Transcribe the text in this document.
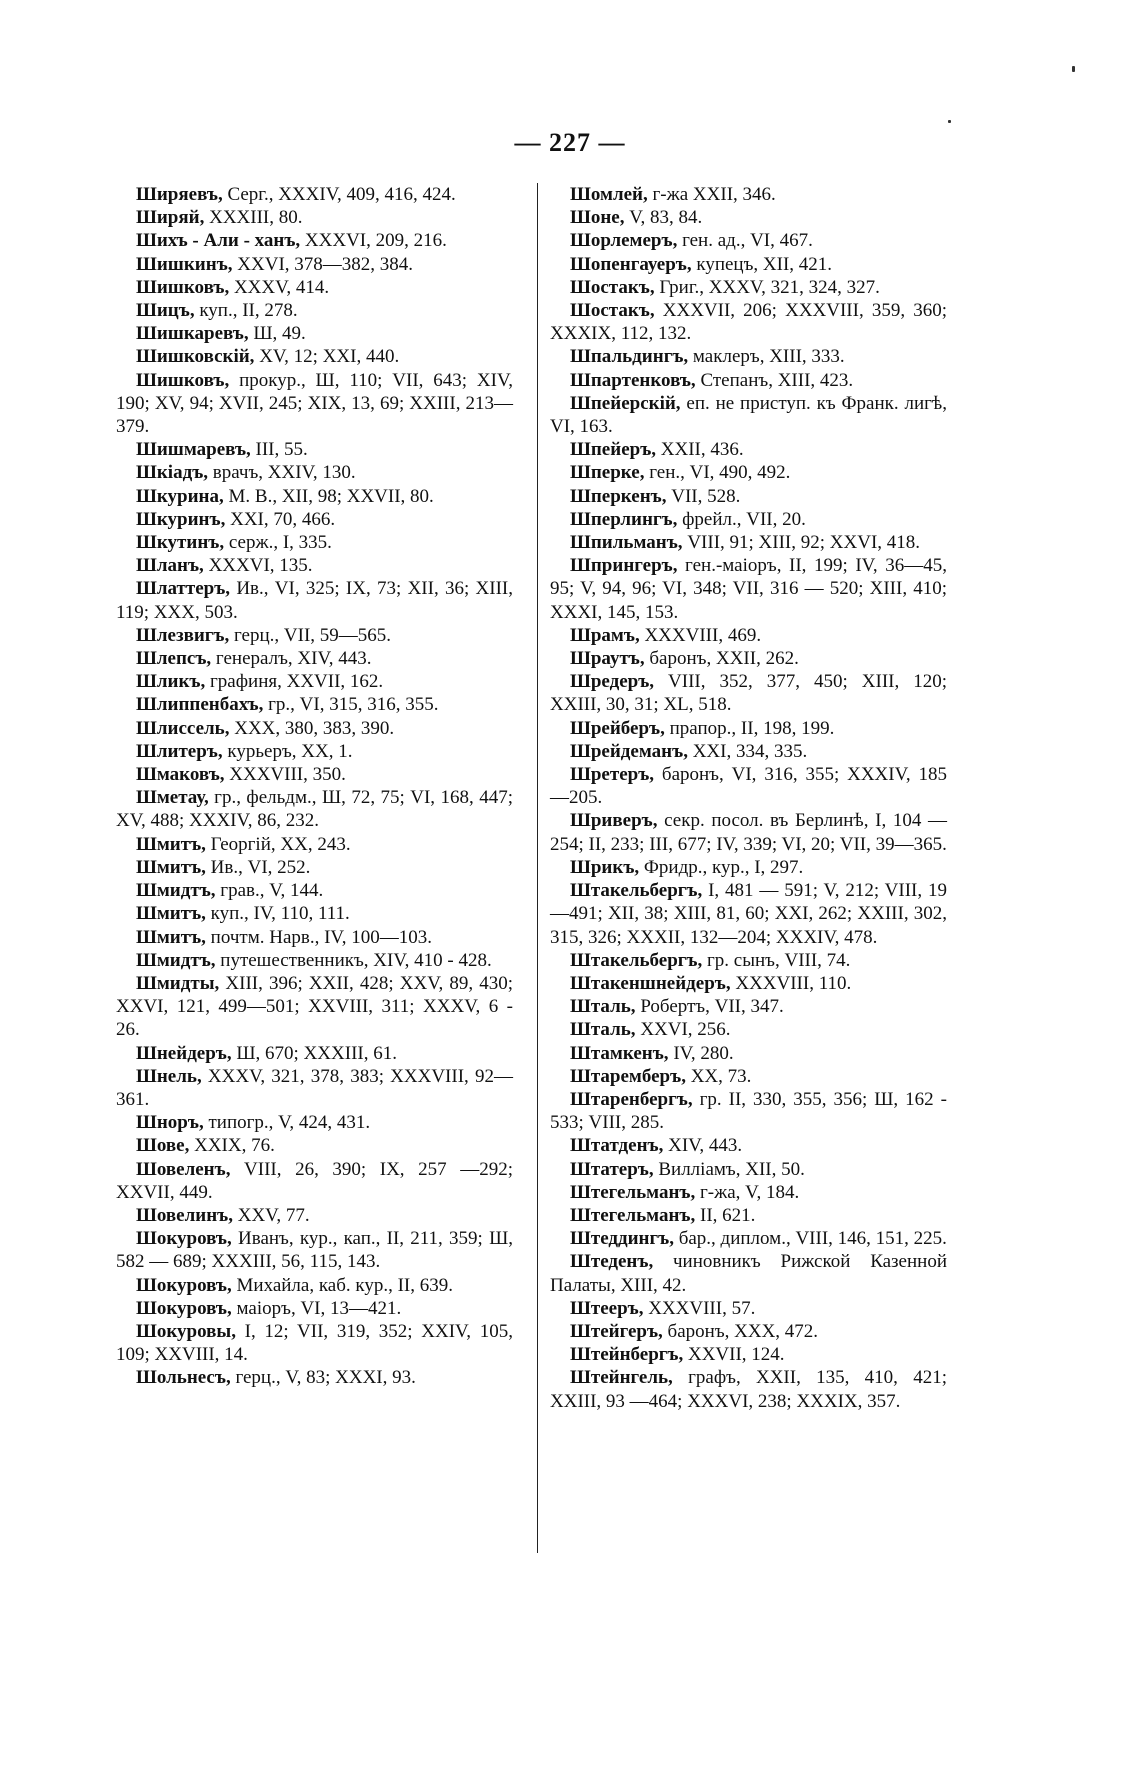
— 227 —

Ширяевъ, Серг., XXXIV, 409, 416, 424.

Ширяй, XXXIII, 80.

Шихъ - Али - ханъ, XXXVI, 209, 216.

Шишкинъ, XXVI, 378—382, 384.

Шишковъ, XXXV, 414.

Шицъ, куп., II, 278.

Шишкаревъ, Ш, 49.

Шишковскій, XV, 12; XXI, 440.

Шишковъ, прокур., Ш, 110; VII, 643; XIV, 190; XV, 94; XVII, 245; XIX, 13, 69; XXIII, 213—379.

Шишмаревъ, III, 55.

Шкіадъ, врачъ, XXIV, 130.

Шкурина, М. В., XII, 98; XXVII, 80.

Шкуринъ, XXI, 70, 466.

Шкутинъ, серж., I, 335.

Шланъ, XXXVI, 135.

Шлаттеръ, Ив., VI, 325; IX, 73; XII, 36; XIII, 119; XXX, 503.

Шлезвигъ, герц., VII, 59—565.

Шлепсъ, генералъ, XIV, 443.

Шликъ, графиня, XXVII, 162.

Шлиппенбахъ, гр., VI, 315, 316, 355.

Шлиссель, XXX, 380, 383, 390.

Шлитеръ, курьеръ, XX, 1.

Шмаковъ, XXXVIII, 350.

Шметау, гр., фельдм., Ш, 72, 75; VI, 168, 447; XV, 488; XXXIV, 86, 232.

Шмитъ, Георгій, XX, 243.

Шмитъ, Ив., VI, 252.

Шмидтъ, грав., V, 144.

Шмитъ, куп., IV, 110, 111.

Шмитъ, почтм. Нарв., IV, 100—103.

Шмидтъ, путешественникъ, XIV, 410 - 428.

Шмидты, XIII, 396; XXII, 428; XXV, 89, 430; XXVI, 121, 499—501; XXVIII, 311; XXXV, 6 - 26.

Шнейдеръ, Ш, 670; XXXIII, 61.

Шнель, XXXV, 321, 378, 383; XXXVIII, 92—361.

Шноръ, типогр., V, 424, 431.

Шове, XXIX, 76.

Шовеленъ, VIII, 26, 390; IX, 257 —292; XXVII, 449.

Шовелинъ, XXV, 77.

Шокуровъ, Иванъ, кур., кап., II, 211, 359; Ш, 582 — 689; XXXIII, 56, 115, 143.

Шокуровъ, Михайла, каб. кур., II, 639.

Шокуровъ, маіоръ, VI, 13—421.

Шокуровы, I, 12; VII, 319, 352; XXIV, 105, 109; XXVIII, 14.

Шольнесъ, герц., V, 83; XXXI, 93.

Шомлей, г-жа XXII, 346.

Шоне, V, 83, 84.

Шорлемеръ, ген. ад., VI, 467.

Шопенгауеръ, купецъ, XII, 421.

Шостакъ, Григ., XXXV, 321, 324, 327.

Шостакъ, XXXVII, 206; XXXVIII, 359, 360; XXXIX, 112, 132.

Шпальдингъ, маклеръ, XIII, 333.

Шпартенковъ, Степанъ, XIII, 423.

Шпейерскій, еп. не приступ. къ Франк. лигѣ, VI, 163.

Шпейеръ, XXII, 436.

Шперке, ген., VI, 490, 492.

Шперкенъ, VII, 528.

Шперлингъ, фрейл., VII, 20.

Шпильманъ, VIII, 91; XIII, 92; XXVI, 418.

Шпрингеръ, ген.-маіоръ, II, 199; IV, 36—45, 95; V, 94, 96; VI, 348; VII, 316 — 520; XIII, 410; XXXI, 145, 153.

Шрамъ, XXXVIII, 469.

Шраутъ, баронъ, XXII, 262.

Шредеръ, VIII, 352, 377, 450; XIII, 120; XXIII, 30, 31; XL, 518.

Шрейберъ, прапор., II, 198, 199.

Шрейдеманъ, XXI, 334, 335.

Шретеръ, баронъ, VI, 316, 355; XXXIV, 185—205.

Шриверъ, секр. посол. въ Берлинѣ, I, 104 — 254; II, 233; III, 677; IV, 339; VI, 20; VII, 39—365.

Шрикъ, Фридр., кур., I, 297.

Штакельбергъ, I, 481 — 591; V, 212; VIII, 19—491; XII, 38; XIII, 81, 60; XXI, 262; XXIII, 302, 315, 326; XXXII, 132—204; XXXIV, 478.

Штакельбергъ, гр. сынъ, VIII, 74.

Штакеншнейдеръ, XXXVIII, 110.

Шталь, Робертъ, VII, 347.

Шталь, XXVI, 256.

Штамкенъ, IV, 280.

Штаремберъ, XX, 73.

Штаренбергъ, гр. II, 330, 355, 356; Ш, 162 - 533; VIII, 285.

Штатденъ, XIV, 443.

Штатеръ, Вилліамъ, XII, 50.

Штегельманъ, г-жа, V, 184.

Штегельманъ, II, 621.

Штеддингъ, бар., диплом., VIII, 146, 151, 225.

Штеденъ, чиновникъ Рижской Казенной Палаты, XIII, 42.

Штееръ, XXXVIII, 57.

Штейгеръ, баронъ, XXX, 472.

Штейнбергъ, XXVII, 124.

Штейнгель, графъ, XXII, 135, 410, 421; XXIII, 93 —464; XXXVI, 238; XXXIX, 357.
